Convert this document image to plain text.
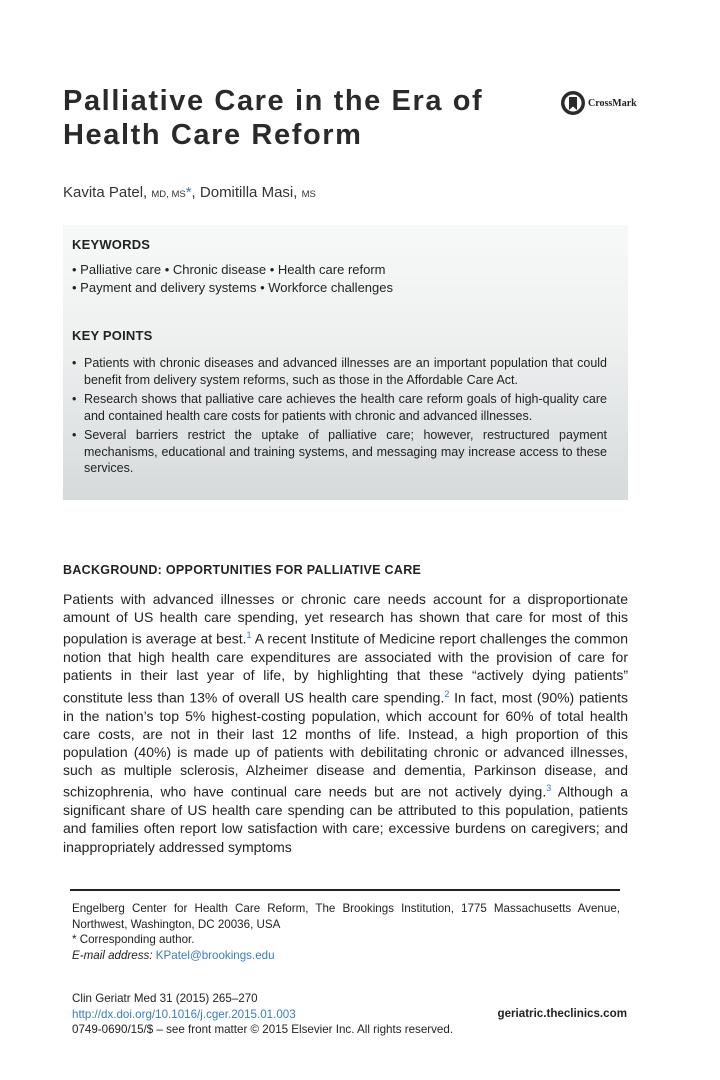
Palliative Care in the Era of Health Care Reform
CrossMark
Kavita Patel, MD, MS*, Domitilla Masi, MS
KEYWORDS
• Palliative care • Chronic disease • Health care reform
• Payment and delivery systems • Workforce challenges
KEY POINTS
• Patients with chronic diseases and advanced illnesses are an important population that could benefit from delivery system reforms, such as those in the Affordable Care Act.
• Research shows that palliative care achieves the health care reform goals of high-quality care and contained health care costs for patients with chronic and advanced illnesses.
• Several barriers restrict the uptake of palliative care; however, restructured payment mechanisms, educational and training systems, and messaging may increase access to these services.
BACKGROUND: OPPORTUNITIES FOR PALLIATIVE CARE

Patients with advanced illnesses or chronic care needs account for a disproportionate amount of US health care spending, yet research has shown that care for most of this population is average at best.$^1$ A recent Institute of Medicine report challenges the common notion that high health care expenditures are associated with the provision of care for patients in their last year of life, by highlighting that these “actively dying patients” constitute less than 13% of overall US health care spending.$^2$ In fact, most (90%) patients in the nation’s top 5% highest-costing population, which account for 60% of total health care costs, are not in their last 12 months of life. Instead, a high proportion of this population (40%) is made up of patients with debilitating chronic or advanced illnesses, such as multiple sclerosis, Alzheimer disease and dementia, Parkinson disease, and schizophrenia, who have continual care needs but are not actively dying.$^3$ Although a significant share of US health care spending can be attributed to this population, patients and families often report low satisfaction with care; excessive burdens on caregivers; and inappropriately addressed symptoms

Engelberg Center for Health Care Reform, The Brookings Institution, 1775 Massachusetts Avenue, Northwest, Washington, DC 20036, USA
* Corresponding author.
E-mail address: KPatel@brookings.edu
Clin Geriatr Med 31 (2015) 265–270
http://dx.doi.org/10.1016/j.cger.2015.01.003
0749-0690/15/$ – see front matter © 2015 Elsevier Inc. All rights reserved.
geriatric.theclinics.com
